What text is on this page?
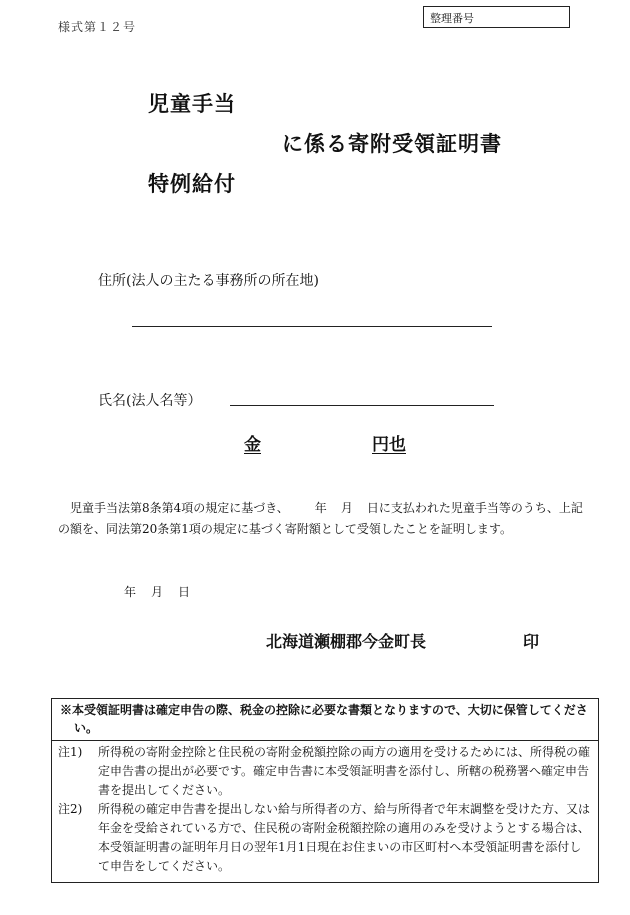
様式第１２号
整理番号
児童手当
に係る寄附受領証明書
特例給付
住所(法人の主たる事務所の所在地)
氏名(法人名等）
金	円也
児童手当法第8条第4項の規定に基づき、 年 月 日に支払われた児童手当等のうち、上記の額を、同法第20条第1項の規定に基づく寄附額として受領したことを証明します。
年 月 日
北海道瀬棚郡今金町長	印
※本受領証明書は確定申告の際、税金の控除に必要な書類となりますので、大切に保管してください。
注1)	所得税の寄附金控除と住民税の寄附金税額控除の両方の適用を受けるためには、所得税の確定申告書の提出が必要です。確定申告書に本受領証明書を添付し、所轄の税務署へ確定申告書を提出してください。
注2)	所得税の確定申告書を提出しない給与所得者の方、給与所得者で年末調整を受けた方、又は年金を受給されている方で、住民税の寄附金税額控除の適用のみを受けようとする場合は、本受領証明書の証明年月日の翌年1月1日現在お住まいの市区町村へ本受領証明書を添付して申告をしてください。
